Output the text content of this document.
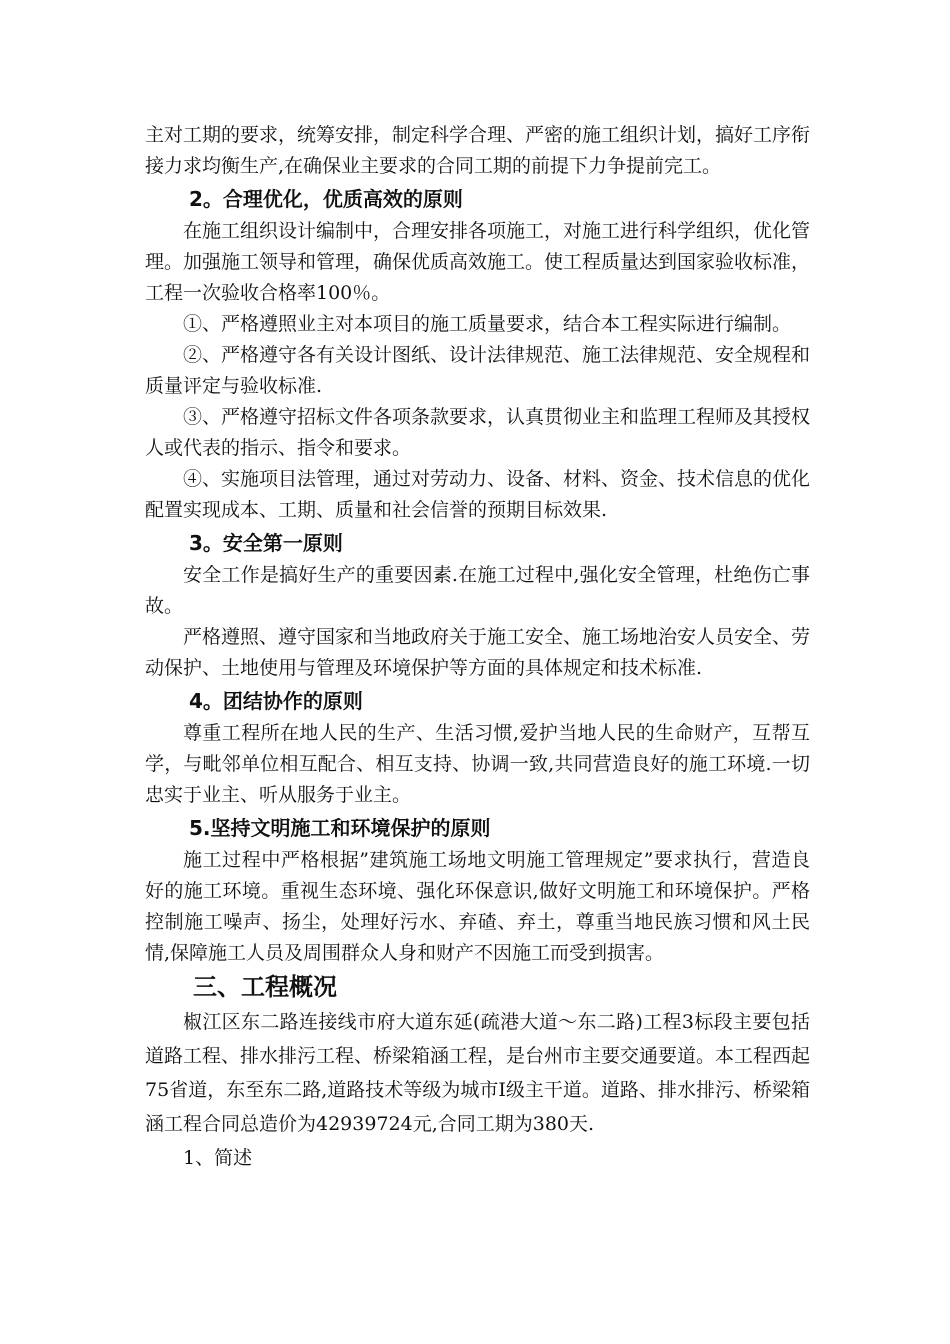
主对工期的要求，统筹安排，制定科学合理、严密的施工组织计划，搞好工序衔接力求均衡生产,在确保业主要求的合同工期的前提下力争提前完工。

2。合理优化，优质高效的原则

在施工组织设计编制中，合理安排各项施工，对施工进行科学组织，优化管理。加强施工领导和管理，确保优质高效施工。使工程质量达到国家验收标准，工程一次验收合格率100％。

①、严格遵照业主对本项目的施工质量要求，结合本工程实际进行编制。

②、严格遵守各有关设计图纸、设计法律规范、施工法律规范、安全规程和质量评定与验收标准.

③、严格遵守招标文件各项条款要求，认真贯彻业主和监理工程师及其授权人或代表的指示、指令和要求。

④、实施项目法管理，通过对劳动力、设备、材料、资金、技术信息的优化配置实现成本、工期、质量和社会信誉的预期目标效果.

3。安全第一原则

安全工作是搞好生产的重要因素.在施工过程中,强化安全管理，杜绝伤亡事故。

严格遵照、遵守国家和当地政府关于施工安全、施工场地治安人员安全、劳动保护、土地使用与管理及环境保护等方面的具体规定和技术标准.

4。团结协作的原则

尊重工程所在地人民的生产、生活习惯,爱护当地人民的生命财产，互帮互学，与毗邻单位相互配合、相互支持、协调一致,共同营造良好的施工环境.一切忠实于业主、听从服务于业主。

5.坚持文明施工和环境保护的原则

施工过程中严格根据”建筑施工场地文明施工管理规定”要求执行，营造良好的施工环境。重视生态环境、强化环保意识,做好文明施工和环境保护。严格控制施工噪声、扬尘，处理好污水、弃碴、弃土，尊重当地民族习惯和风土民情,保障施工人员及周围群众人身和财产不因施工而受到损害。

三、工程概况

椒江区东二路连接线市府大道东延(疏港大道～东二路)工程3标段主要包括道路工程、排水排污工程、桥梁箱涵工程，是台州市主要交通要道。本工程西起75省道，东至东二路,道路技术等级为城市Ⅰ级主干道。道路、排水排污、桥梁箱涵工程合同总造价为42939724元,合同工期为380天.

1、简述
